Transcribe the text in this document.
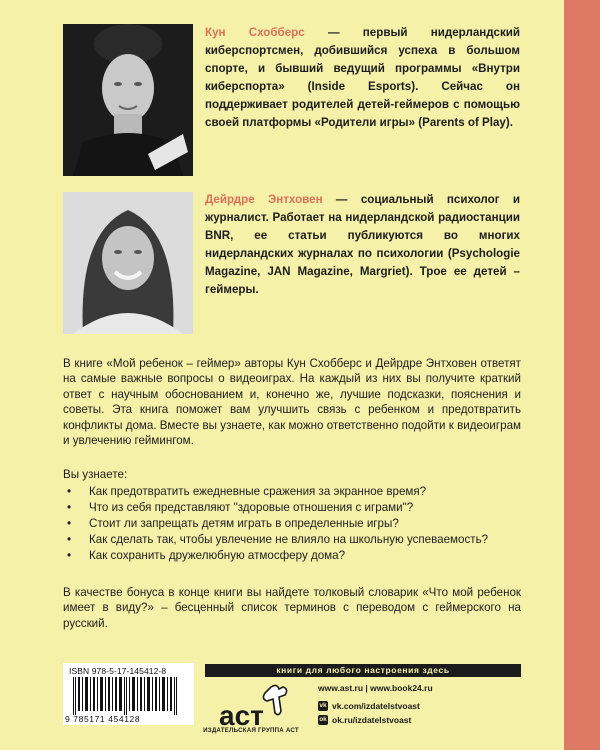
Кун Схобберс — первый нидерландский киберспортсмен, добившийся успеха в большом спорте, и бывший ведущий программы «Внутри киберспорта» (Inside Esports). Сейчас он поддерживает родителей детей-геймеров с помощью своей платформы «Родители игры» (Parents of Play).
Дейрдре Энтховен — социальный психолог и журналист. Работает на нидерландской радиостанции BNR, ее статьи публикуются во многих нидерландских журналах по психологии (Psychologie Magazine, JAN Magazine, Margriet). Трое ее детей – геймеры.
В книге «Мой ребенок – геймер» авторы Кун Схобберс и Дейрдре Энтховен ответят на самые важные вопросы о видеоиграх. На каждый из них вы получите краткий ответ с научным обоснованием и, конечно же, лучшие подсказки, пояснения и советы. Эта книга поможет вам улучшить связь с ребенком и предотвратить конфликты дома. Вместе вы узнаете, как можно ответственно подойти к видеоиграм и увлечению геймингом.
Вы узнаете:
• Как предотвратить ежедневные сражения за экранное время?
• Что из себя представляют "здоровые отношения с играми"?
• Стоит ли запрещать детям играть в определенные игры?
• Как сделать так, чтобы увлечение не влияло на школьную успеваемость?
• Как сохранить дружелюбную атмосферу дома?
В качестве бонуса в конце книги вы найдете толковый словарик «Что мой ребенок имеет в виду?» – бесценный список терминов с переводом с геймерского на русский.
ISBN 978-5-17-145412-8
9 785171 454128
книги для любого настроения здесь
аст
ИЗДАТЕЛЬСКАЯ ГРУППА АСТ
www.ast.ru | www.book24.ru
vk vk.com/izdatelstvoast
ok ok.ru/izdatelstvoast
